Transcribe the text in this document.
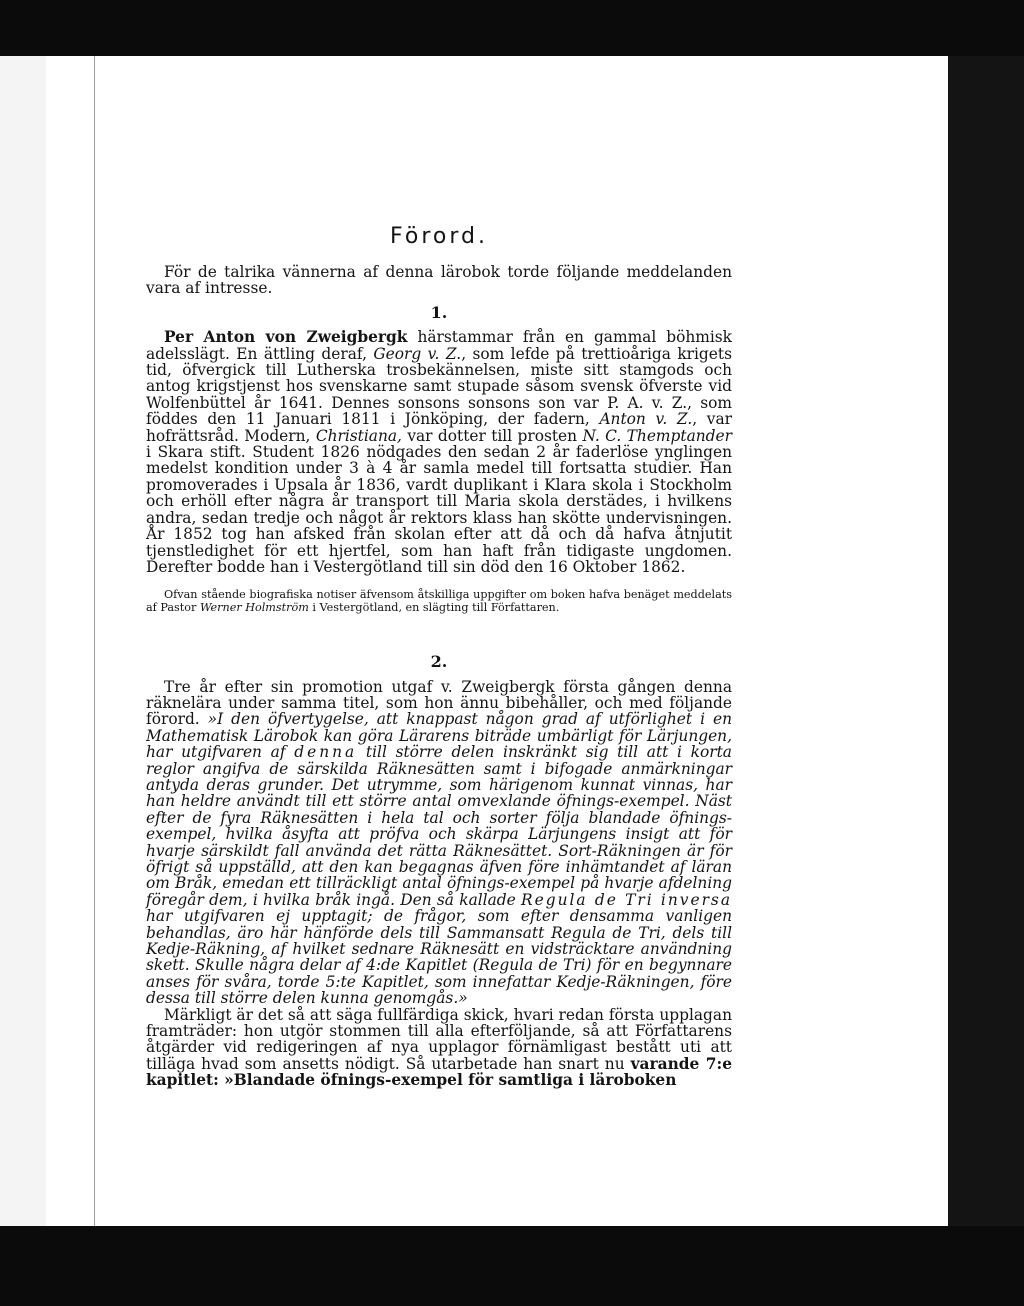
Förord.

För de talrika vännerna af denna lärobok torde följande meddelanden vara af intresse.

1.

Per Anton von Zweigbergk härstammar från en gammal böhmisk adelsslägt. En ättling deraf, Georg v. Z., som lefde på trettioåriga krigets tid, öfvergick till Lutherska trosbekännelsen, miste sitt stamgods och antog krigstjenst hos svenskarne samt stupade såsom svensk öfverste vid Wolfenbüttel år 1641. Dennes sonsons sonsons son var P. A. v. Z., som föddes den 11 Januari 1811 i Jönköping, der fadern, Anton v. Z., var hofrättsråd. Modern, Christiana, var dotter till prosten N. C. Themptander i Skara stift. Student 1826 nödgades den sedan 2 år faderlöse ynglingen medelst kondition under 3 à 4 år samla medel till fortsatta studier. Han promoverades i Upsala år 1836, vardt duplikant i Klara skola i Stockholm och erhöll efter några år transport till Maria skola derstädes, i hvilkens andra, sedan tredje och något år rektors klass han skötte undervisningen. År 1852 tog han afsked från skolan efter att då och då hafva åtnjutit tjenstledighet för ett hjertfel, som han haft från tidigaste ungdomen. Derefter bodde han i Vestergötland till sin död den 16 Oktober 1862.

Ofvan stående biografiska notiser äfvensom åtskilliga uppgifter om boken hafva benäget meddelats af Pastor Werner Holmström i Vestergötland, en slägting till Författaren.

2.

Tre år efter sin promotion utgaf v. Zweigbergk första gången denna räknelära under samma titel, som hon ännu bibehåller, och med följande förord. »I den öfvertygelse, att knappast någon grad af utförlighet i en Mathematisk Lärobok kan göra Lärarens biträde umbärligt för Lärjungen, har utgifvaren af denna till större delen inskränkt sig till att i korta reglor angifva de särskilda Räknesätten samt i bifogade anmärkningar antyda deras grunder. Det utrymme, som härigenom kunnat vinnas, har han heldre användt till ett större antal omvexlande öfnings-exempel. Näst efter de fyra Räknesätten i hela tal och sorter följa blandade öfnings-exempel, hvilka åsyfta att pröfva och skärpa Lärjungens insigt att för hvarje särskildt fall använda det rätta Räknesättet. Sort-Räkningen är för öfrigt så uppställd, att den kan begagnas äfven före inhämtandet af läran om Bråk, emedan ett tillräckligt antal öfnings-exempel på hvarje afdelning föregår dem, i hvilka bråk ingå. Den så kallade Regula de Tri inversa har utgifvaren ej upptagit; de frågor, som efter densamma vanligen behandlas, äro här hänförde dels till Sammansatt Regula de Tri, dels till Kedje-Räkning, af hvilket sednare Räknesätt en vidsträcktare användning skett. Skulle några delar af 4:de Kapitlet (Regula de Tri) för en begynnare anses för svåra, torde 5:te Kapitlet, som innefattar Kedje-Räkningen, före dessa till större delen kunna genomgås.»

Märkligt är det så att säga fullfärdiga skick, hvari redan första upplagan framträder: hon utgör stommen till alla efterföljande, så att Författarens åtgärder vid redigeringen af nya upplagor förnämligast bestått uti att tilläga hvad som ansetts nödigt. Så utarbetade han snart nu varande 7:e kapitlet: »Blandade öfnings-exempel för samtliga i läroboken
